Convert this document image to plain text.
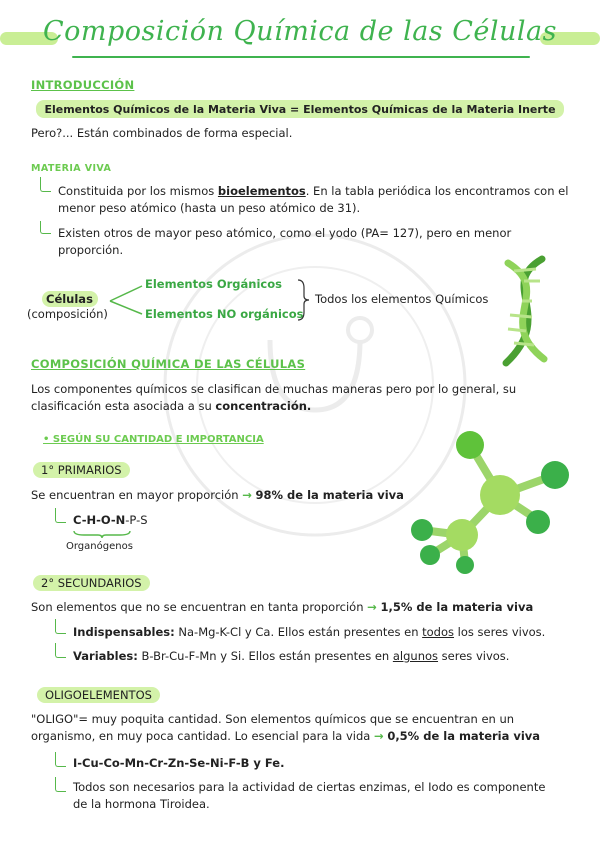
Composición Química de las Células
INTRODUCCIÓN
Elementos Químicos de la Materia Viva = Elementos Químicas de la Materia Inerte
Pero?... Están combinados de forma especial.
MATERIA VIVA
Constituida por los mismos bioelementos. En la tabla periódica los encontramos con el
menor peso atómico (hasta un peso atómico de 31).
Existen otros de mayor peso atómico, como el yodo (PA= 127), pero en menor
proporción.
Células
(composición)
Elementos Orgánicos
Elementos NO orgánicos
Todos los elementos Químicos
COMPOSICIÓN QUÍMICA DE LAS CÉLULAS
Los componentes químicos se clasifican de muchas maneras pero por lo general, su
clasificación esta asociada a su concentración.
• SEGÚN SU CANTIDAD E IMPORTANCIA
1° PRIMARIOS
Se encuentran en mayor proporción → 98% de la materia viva
C-H-O-N-P-S
Organógenos
2° SECUNDARIOS
Son elementos que no se encuentran en tanta proporción → 1,5% de la materia viva
Indispensables: Na-Mg-K-Cl y Ca. Ellos están presentes en todos los seres vivos.
Variables: B-Br-Cu-F-Mn y Si. Ellos están presentes en algunos seres vivos.
OLIGOELEMENTOS
"OLIGO"= muy poquita cantidad. Son elementos químicos que se encuentran en un
organismo, en muy poca cantidad. Lo esencial para la vida → 0,5% de la materia viva
I-Cu-Co-Mn-Cr-Zn-Se-Ni-F-B y Fe.
Todos son necesarios para la actividad de ciertas enzimas, el Iodo es componente
de la hormona Tiroidea.
